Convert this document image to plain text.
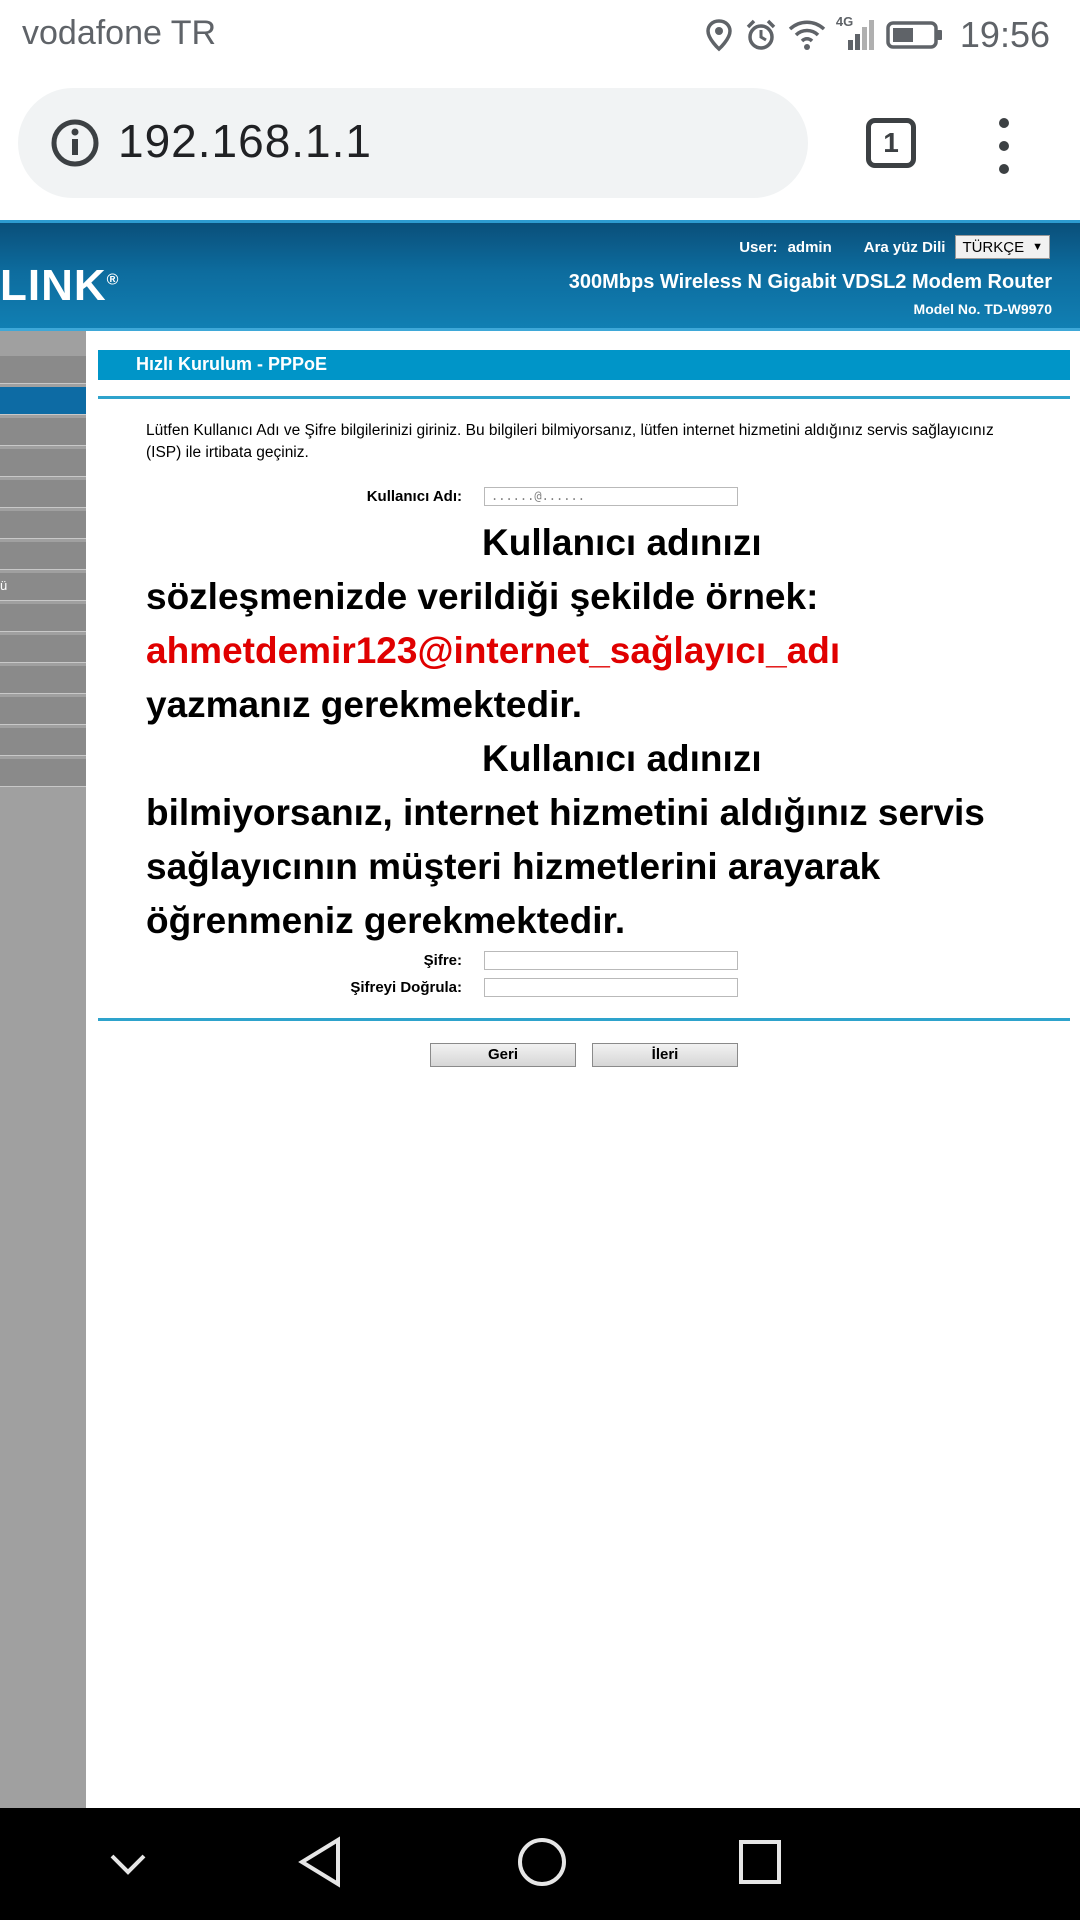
vodafone TR	4G	19:56
192.168.1.1	1
LINK®
User: admin Ara yüz Dili TÜRKÇE ▼
300Mbps Wireless N Gigabit VDSL2 Modem Router
Model No. TD-W9970
ü
Hızlı Kurulum - PPPoE
Lütfen Kullanıcı Adı ve Şifre bilgilerinizi giriniz. Bu bilgileri bilmiyorsanız, lütfen internet hizmetini aldığınız servis sağlayıcınız (ISP) ile irtibata geçiniz.
Kullanıcı Adı:	......@......
Kullanıcı adınızı
sözleşmenizde verildiği şekilde örnek:
ahmetdemir123@internet_sağlayıcı_adı
yazmanız gerekmektedir.
Kullanıcı adınızı
bilmiyorsanız, internet hizmetini aldığınız servis
sağlayıcının müşteri hizmetlerini arayarak
öğrenmeniz gerekmektedir.
Şifre:
Şifreyi Doğrula:
Geri	İleri
